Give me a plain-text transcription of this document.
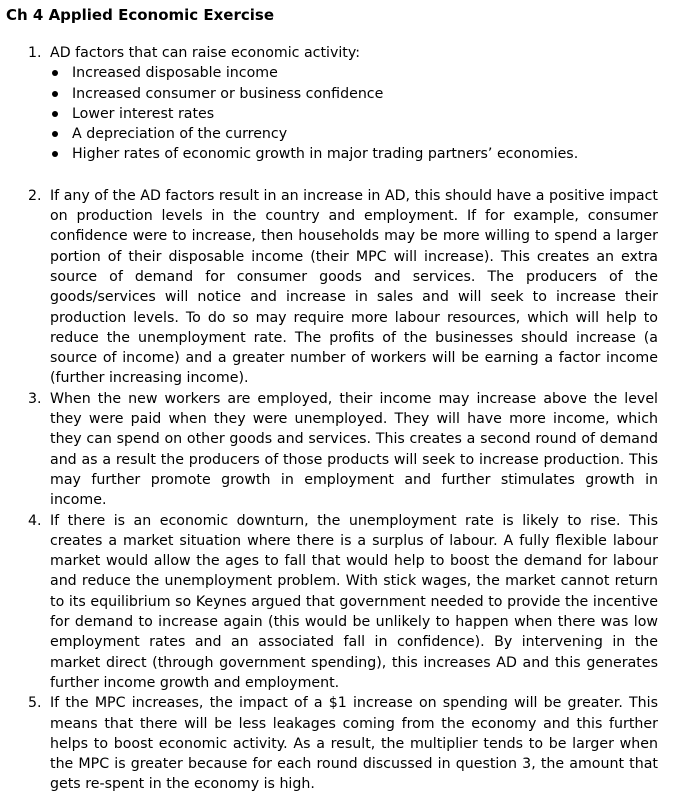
Ch 4 Applied Economic Exercise
1. AD factors that can raise economic activity:

Increased disposable income
Increased consumer or business confidence
Lower interest rates
A depreciation of the currency
Higher rates of economic growth in major trading partners’ economies.
2. If any of the AD factors result in an increase in AD, this should have a positive impact on production levels in the country and employment. If for example, consumer confidence were to increase, then households may be more willing to spend a larger portion of their disposable income (their MPC will increase). This creates an extra source of demand for consumer goods and services. The producers of the goods/services will notice and increase in sales and will seek to increase their production levels. To do so may require more labour resources, which will help to reduce the unemployment rate. The profits of the businesses should increase (a source of income) and a greater number of workers will be earning a factor income (further increasing income).

3. When the new workers are employed, their income may increase above the level they were paid when they were unemployed. They will have more income, which they can spend on other goods and services. This creates a second round of demand and as a result the producers of those products will seek to increase production. This may further promote growth in employment and further stimulates growth in income.

4. If there is an economic downturn, the unemployment rate is likely to rise. This creates a market situation where there is a surplus of labour. A fully flexible labour market would allow the ages to fall that would help to boost the demand for labour and reduce the unemployment problem. With stick wages, the market cannot return to its equilibrium so Keynes argued that government needed to provide the incentive for demand to increase again (this would be unlikely to happen when there was low employment rates and an associated fall in confidence). By intervening in the market direct (through government spending), this increases AD and this generates further income growth and employment.

5. If the MPC increases, the impact of a $1 increase on spending will be greater. This means that there will be less leakages coming from the economy and this further helps to boost economic activity. As a result, the multiplier tends to be larger when the MPC is greater because for each round discussed in question 3, the amount that gets re-spent in the economy is high.
